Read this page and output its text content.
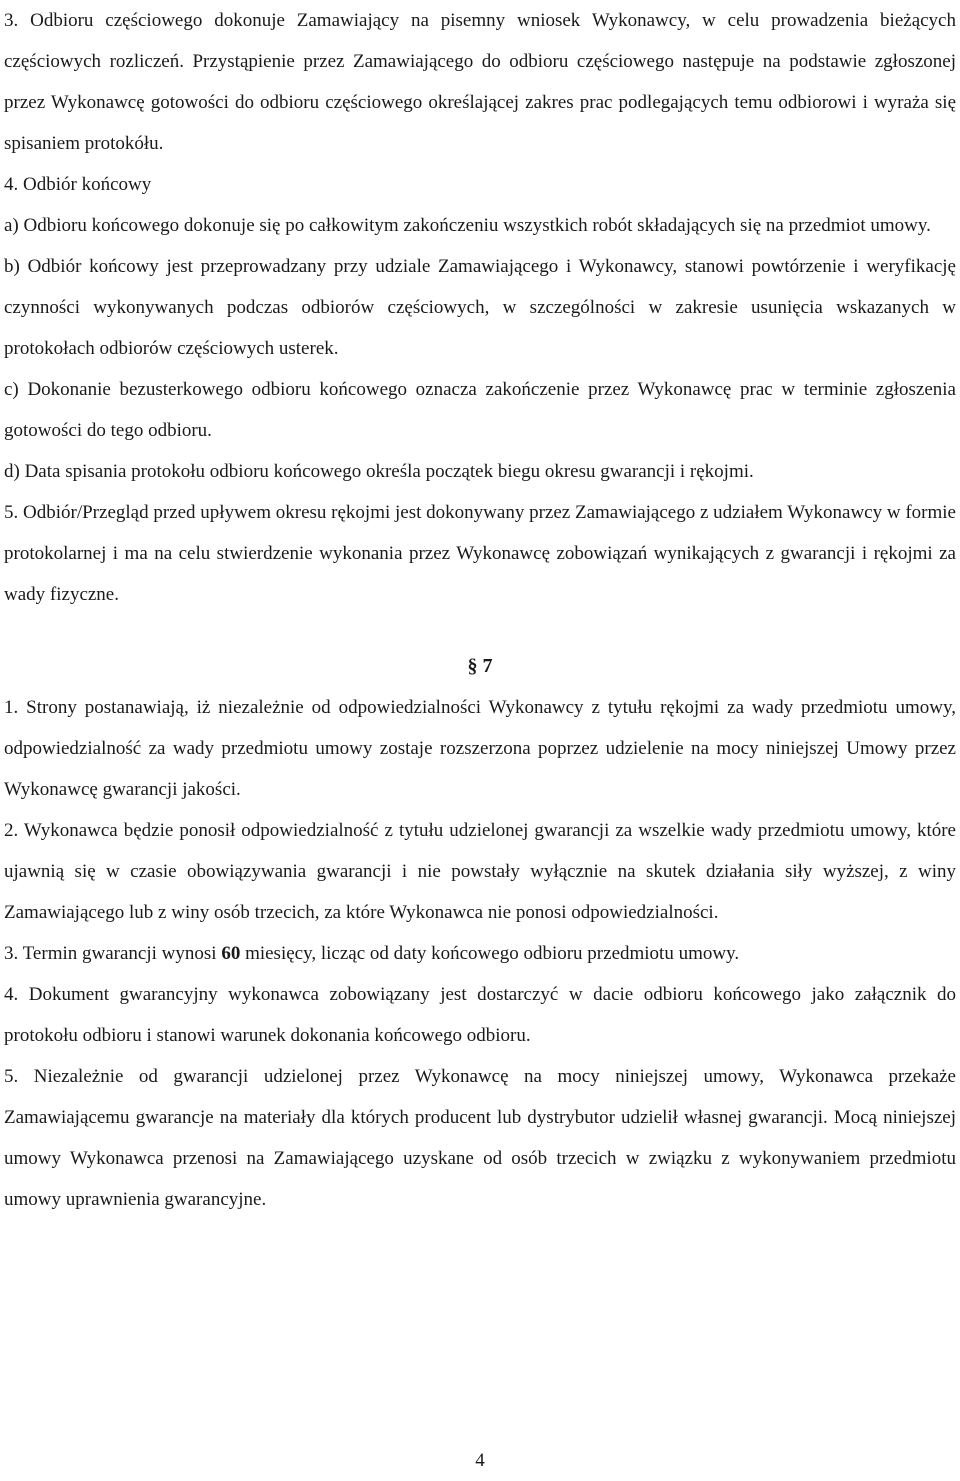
3. Odbioru częściowego dokonuje Zamawiający na pisemny wniosek Wykonawcy, w celu prowadzenia bieżących częściowych rozliczeń. Przystąpienie przez Zamawiającego do odbioru częściowego następuje na podstawie zgłoszonej przez Wykonawcę gotowości do odbioru częściowego określającej zakres prac podlegających temu odbiorowi i wyraża się spisaniem protokółu.

4. Odbiór końcowy

a) Odbioru końcowego dokonuje się po całkowitym zakończeniu wszystkich robót składających się na przedmiot umowy.

b) Odbiór końcowy jest przeprowadzany przy udziale Zamawiającego i Wykonawcy, stanowi powtórzenie i weryfikację czynności wykonywanych podczas odbiorów częściowych, w szczególności w zakresie usunięcia wskazanych w protokołach odbiorów częściowych usterek.

c) Dokonanie bezusterkowego odbioru końcowego oznacza zakończenie przez Wykonawcę prac w terminie zgłoszenia gotowości do tego odbioru.

d) Data spisania protokołu odbioru końcowego określa początek biegu okresu gwarancji i rękojmi.

5. Odbiór/Przegląd przed upływem okresu rękojmi jest dokonywany przez Zamawiającego z udziałem Wykonawcy w formie protokolarnej i ma na celu stwierdzenie wykonania przez Wykonawcę zobowiązań wynikających z gwarancji i rękojmi za wady fizyczne.

§ 7

1. Strony postanawiają, iż niezależnie od odpowiedzialności Wykonawcy z tytułu rękojmi za wady przedmiotu umowy, odpowiedzialność za wady przedmiotu umowy zostaje rozszerzona poprzez udzielenie na mocy niniejszej Umowy przez Wykonawcę gwarancji jakości.

2. Wykonawca będzie ponosił odpowiedzialność z tytułu udzielonej gwarancji za wszelkie wady przedmiotu umowy, które ujawnią się w czasie obowiązywania gwarancji i nie powstały wyłącznie na skutek działania siły wyższej, z winy Zamawiającego lub z winy osób trzecich, za które Wykonawca nie ponosi odpowiedzialności.

3. Termin gwarancji wynosi 60 miesięcy, licząc od daty końcowego odbioru przedmiotu umowy.

4. Dokument gwarancyjny wykonawca zobowiązany jest dostarczyć w dacie odbioru końcowego jako załącznik do protokołu odbioru i stanowi warunek dokonania końcowego odbioru.

5. Niezależnie od gwarancji udzielonej przez Wykonawcę na mocy niniejszej umowy, Wykonawca przekaże Zamawiającemu gwarancje na materiały dla których producent lub dystrybutor udzielił własnej gwarancji. Mocą niniejszej umowy Wykonawca przenosi na Zamawiającego uzyskane od osób trzecich w związku z wykonywaniem przedmiotu umowy uprawnienia gwarancyjne.

4
